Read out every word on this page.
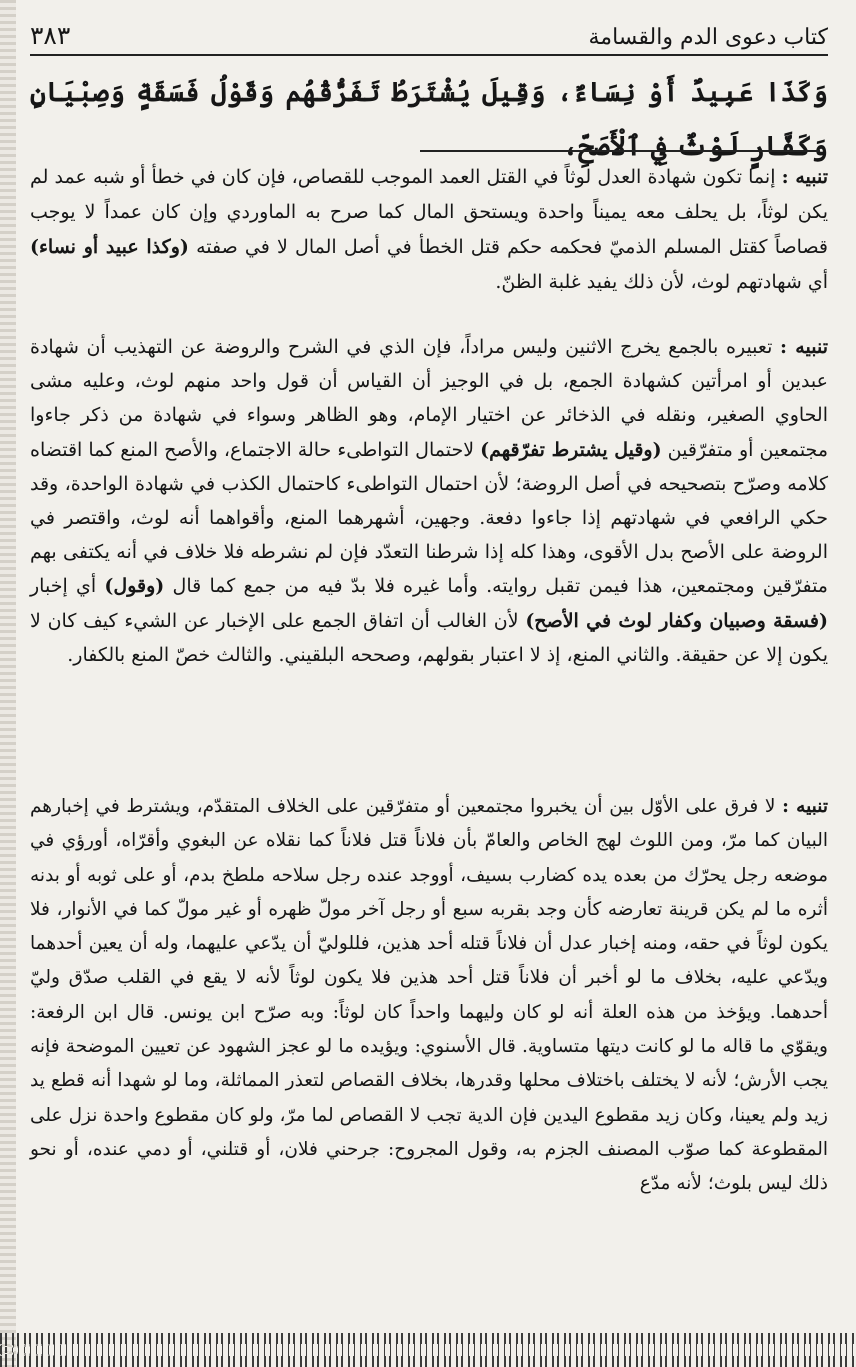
كتاب دعوى الدم والقسامة
٣٨٣
وَكَذَا عَبِيدٌ أَوْ نِسَاءٌ، وَقِيلَ يُشْتَرَطُ تَفَرُّقُهُم وَقَوْلُ فَسَقَةٍ وَصِبْيَانٍ وَكَفَّارٍ لَوْثٌ فِي ٱلْأَصَحِّ،

تنبيه : إنما تكون شهادة العدل لوثاً في القتل العمد الموجب للقصاص، فإن كان في خطأ أو شبه عمد لم يكن لوثاً، بل يحلف معه يميناً واحدة ويستحق المال كما صرح به الماوردي وإن كان عمداً لا يوجب قصاصاً كقتل المسلم الذميّ فحكمه حكم قتل الخطأ في أصل المال لا في صفته (وكذا عبيد أو نساء) أي شهادتهم لوث، لأن ذلك يفيد غلبة الظنّ.

تنبيه : تعبيره بالجمع يخرج الاثنين وليس مراداً، فإن الذي في الشرح والروضة عن التهذيب أن شهادة عبدين أو امرأتين كشهادة الجمع، بل في الوجيز أن القياس أن قول واحد منهم لوث، وعليه مشى الحاوي الصغير، ونقله في الذخائر عن اختيار الإمام، وهو الظاهر وسواء في شهادة من ذكر جاءوا مجتمعين أو متفرّقين (وقيل يشترط تفرّقهم) لاحتمال التواطىء حالة الاجتماع، والأصح المنع كما اقتضاه كلامه وصرّح بتصحيحه في أصل الروضة؛ لأن احتمال التواطىء كاحتمال الكذب في شهادة الواحدة، وقد حكي الرافعي في شهادتهم إذا جاءوا دفعة. وجهين، أشهرهما المنع، وأقواهما أنه لوث، واقتصر في الروضة على الأصح بدل الأقوى، وهذا كله إذا شرطنا التعدّد فإن لم نشرطه فلا خلاف في أنه يكتفى بهم متفرّقين ومجتمعين، هذا فيمن تقبل روايته. وأما غيره فلا بدّ فيه من جمع كما قال (وقول) أي إخبار (فسقة وصبيان وكفار لوث في الأصح) لأن الغالب أن اتفاق الجمع على الإخبار عن الشيء كيف كان لا يكون إلا عن حقيقة. والثاني المنع، إذ لا اعتبار بقولهم، وصححه البلقيني. والثالث خصّ المنع بالكفار.

تنبيه : لا فرق على الأوّل بين أن يخبروا مجتمعين أو متفرّقين على الخلاف المتقدّم، ويشترط في إخبارهم البيان كما مرّ، ومن اللوث لهج الخاص والعامّ بأن فلاناً قتل فلاناً كما نقلاه عن البغوي وأقرّاه، أورؤي في موضعه رجل يحرّك من بعده يده كضارب بسيف، أووجد عنده رجل سلاحه ملطخ بدم، أو على ثوبه أو بدنه أثره ما لم يكن قرينة تعارضه كأن وجد بقربه سبع أو رجل آخر مولّ ظهره أو غير مولّ كما في الأنوار، فلا يكون لوثاً في حقه، ومنه إخبار عدل أن فلاناً قتله أحد هذين، فللوليّ أن يدّعي عليهما، وله أن يعين أحدهما ويدّعي عليه، بخلاف ما لو أخبر أن فلاناً قتل أحد هذين فلا يكون لوثاً لأنه لا يقع في القلب صدّق وليّ أحدهما. ويؤخذ من هذه العلة أنه لو كان وليهما واحداً كان لوثاً: وبه صرّح ابن يونس. قال ابن الرفعة: ويقوّي ما قاله ما لو كانت ديتها متساوية. قال الأسنوي: ويؤيده ما لو عجز الشهود عن تعيين الموضحة فإنه يجب الأرش؛ لأنه لا يختلف باختلاف محلها وقدرها، بخلاف القصاص لتعذر المماثلة، وما لو شهدا أنه قطع يد زيد ولم يعينا، وكان زيد مقطوع اليدين فإن الدية تجب لا القصاص لما مرّ، ولو كان مقطوع واحدة نزل على المقطوعة كما صوّب المصنف الجزم به، وقول المجروح: جرحني فلان، أو قتلني، أو دمي عنده، أو نحو ذلك ليس بلوث؛ لأنه مدّع
